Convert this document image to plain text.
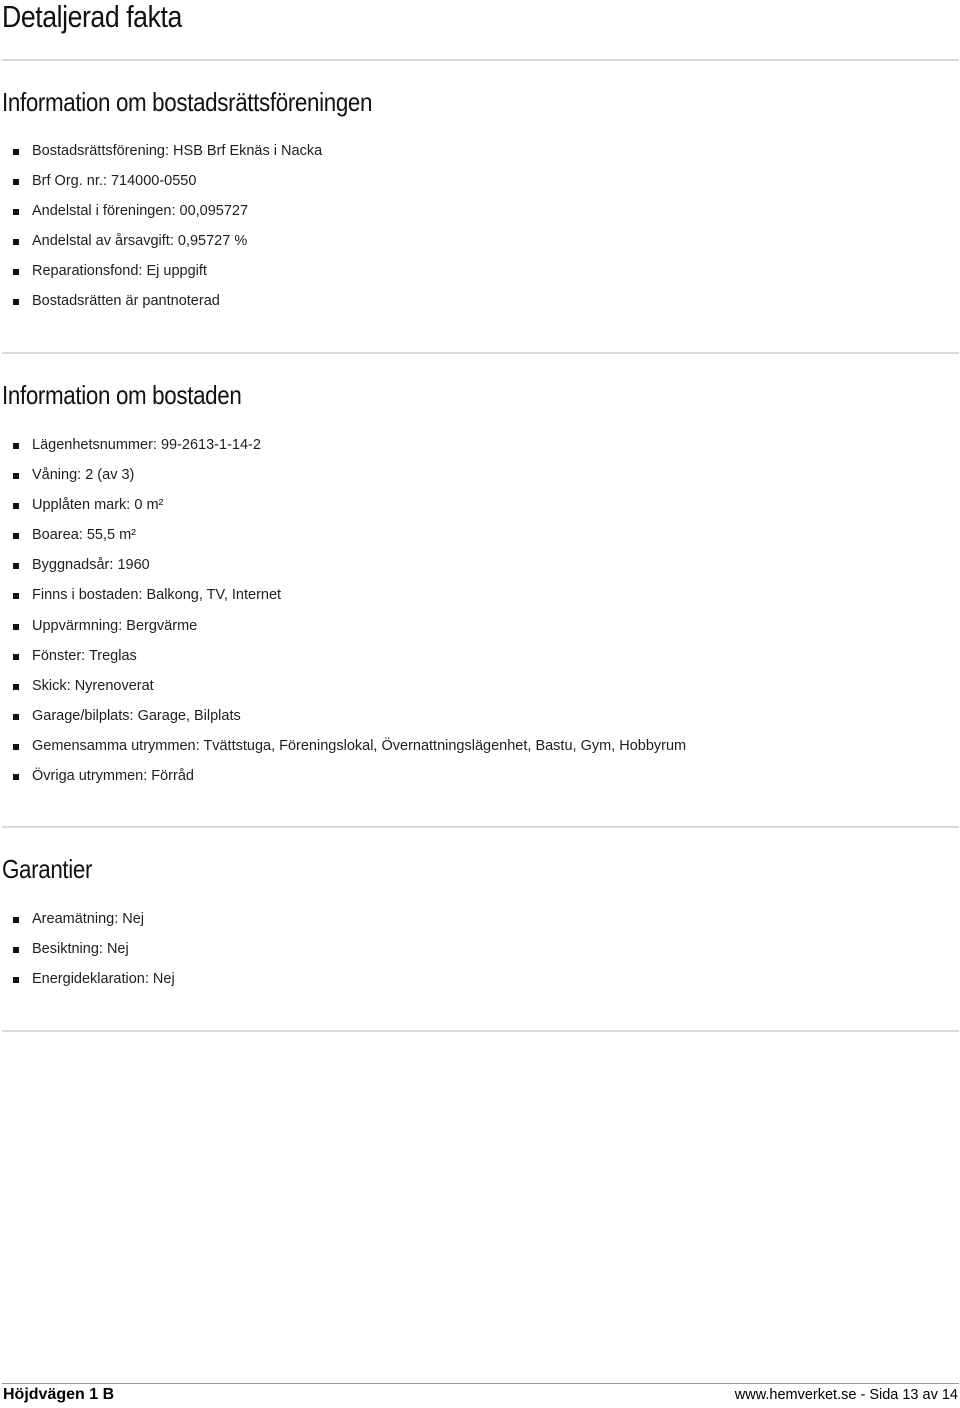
Detaljerad fakta
Information om bostadsrättsföreningen
Bostadsrättsförening: HSB Brf Eknäs i Nacka
Brf Org. nr.: 714000-0550
Andelstal i föreningen: 00,095727
Andelstal av årsavgift: 0,95727 %
Reparationsfond: Ej uppgift
Bostadsrätten är pantnoterad
Information om bostaden
Lägenhetsnummer: 99-2613-1-14-2
Våning: 2 (av 3)
Upplåten mark: 0 m²
Boarea: 55,5 m²
Byggnadsår: 1960
Finns i bostaden: Balkong, TV, Internet
Uppvärmning: Bergvärme
Fönster: Treglas
Skick: Nyrenoverat
Garage/bilplats: Garage, Bilplats
Gemensamma utrymmen: Tvättstuga, Föreningslokal, Övernattningslägenhet, Bastu, Gym, Hobbyrum
Övriga utrymmen: Förråd
Garantier
Areamätning: Nej
Besiktning: Nej
Energideklaration: Nej
Höjdvägen 1 B	www.hemverket.se - Sida 13 av 14
